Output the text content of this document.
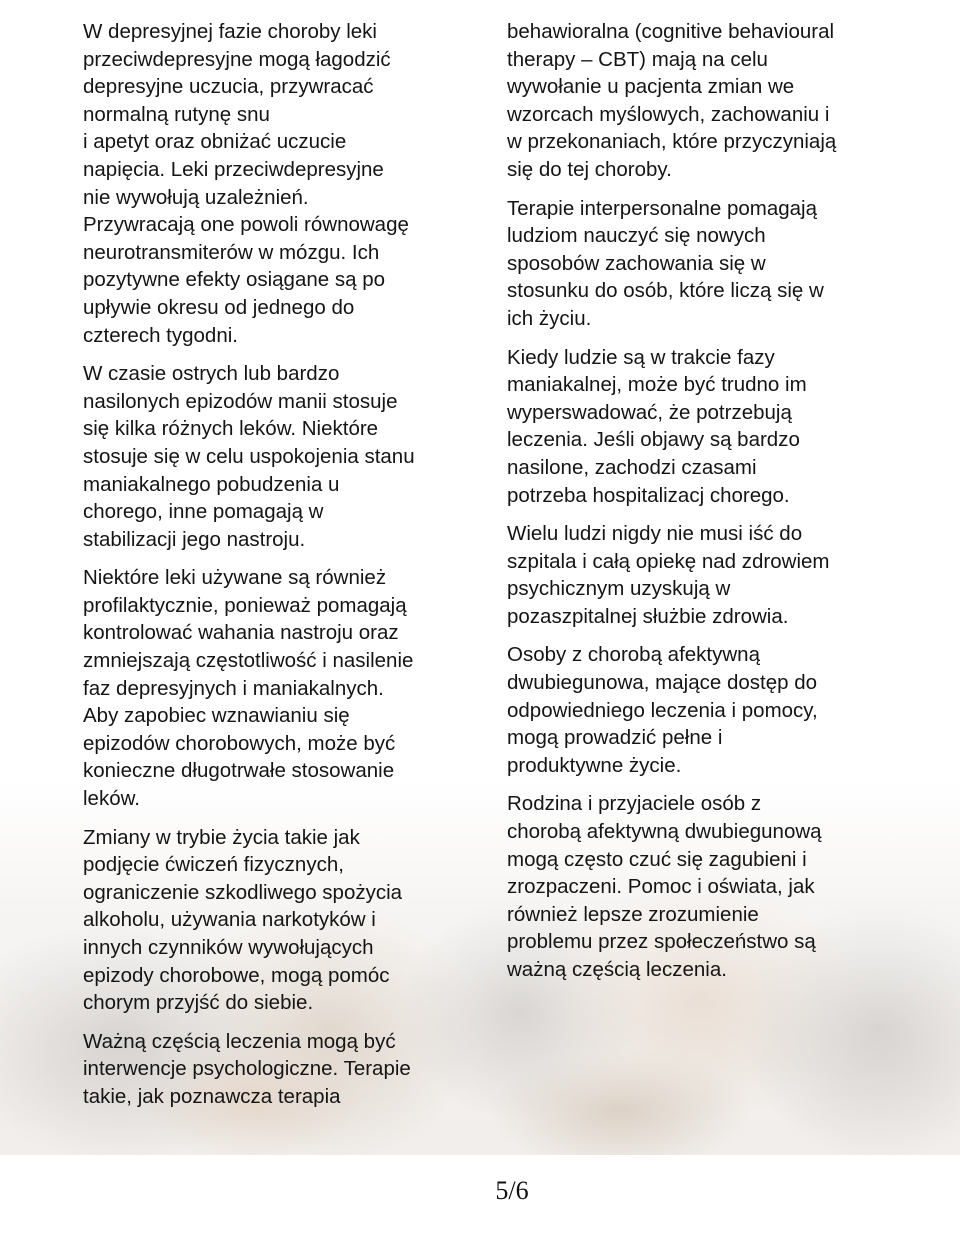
W depresyjnej fazie choroby leki
przeciwdepresyjne mogą łagodzić
depresyjne uczucia, przywracać
normalną rutynę snu
i apetyt oraz obniżać uczucie
napięcia. Leki przeciwdepresyjne
nie wywołują uzależnień.
Przywracają one powoli równowagę
neurotransmiterów w mózgu. Ich
pozytywne efekty osiągane są po
upływie okresu od jednego do
czterech tygodni.

W czasie ostrych lub bardzo
nasilonych epizodów manii stosuje
się kilka różnych leków. Niektóre
stosuje się w celu uspokojenia stanu
maniakalnego pobudzenia u
chorego, inne pomagają w
stabilizacji jego nastroju.

Niektóre leki używane są również
profilaktycznie, ponieważ pomagają
kontrolować wahania nastroju oraz
zmniejszają częstotliwość i nasilenie
faz depresyjnych i maniakalnych.
Aby zapobiec wznawianiu się
epizodów chorobowych, może być
konieczne długotrwałe stosowanie
leków.

Zmiany w trybie życia takie jak
podjęcie ćwiczeń fizycznych,
ograniczenie szkodliwego spożycia
alkoholu, używania narkotyków i
innych czynników wywołujących
epizody chorobowe, mogą pomóc
chorym przyjść do siebie.

Ważną częścią leczenia mogą być
interwencje psychologiczne. Terapie
takie, jak poznawcza terapia

behawioralna (cognitive behavioural
therapy – CBT) mają na celu
wywołanie u pacjenta zmian we
wzorcach myślowych, zachowaniu i
w przekonaniach, które przyczyniają
się do tej choroby.

Terapie interpersonalne pomagają
ludziom nauczyć się nowych
sposobów zachowania się w
stosunku do osób, które liczą się w
ich życiu.

Kiedy ludzie są w trakcie fazy
maniakalnej, może być trudno im
wyperswadować, że potrzebują
leczenia. Jeśli objawy są bardzo
nasilone, zachodzi czasami
potrzeba hospitalizacj chorego.

Wielu ludzi nigdy nie musi iść do
szpitala i całą opiekę nad zdrowiem
psychicznym uzyskują w
pozaszpitalnej służbie zdrowia.

Osoby z chorobą afektywną
dwubiegunowa, mające dostęp do
odpowiedniego leczenia i pomocy,
mogą prowadzić pełne i
produktywne życie.

Rodzina i przyjaciele osób z
chorobą afektywną dwubiegunową
mogą często czuć się zagubieni i
zrozpaczeni. Pomoc i oświata, jak
również lepsze zrozumienie
problemu przez społeczeństwo są
ważną częścią leczenia.

5/6
